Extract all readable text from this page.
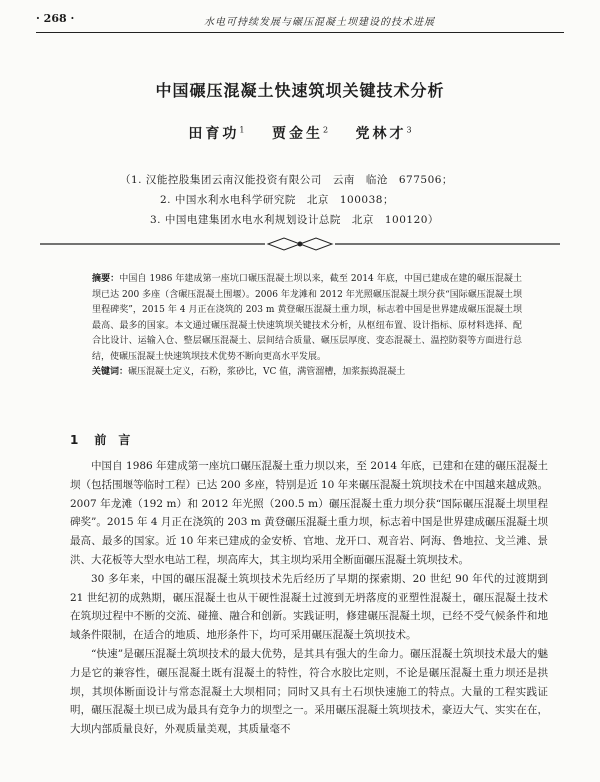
· 268 ·	水电可持续发展与碾压混凝土坝建设的技术进展
中国碾压混凝土快速筑坝关键技术分析
田育功$^1$ 贾金生$^2$ 党林才$^3$
（1. 汉能控股集团云南汉能投资有限公司　云南　临沧　677506；
2. 中国水利水电科学研究院　北京　100038；
3. 中国电建集团水电水利规划设计总院　北京　100120）
摘要：中国自 1986 年建成第一座坑口碾压混凝土坝以来，截至 2014 年底，中国已建成在建的碾压混凝土坝已达 200 多座（含碾压混凝土围堰）。2006 年龙滩和 2012 年光照碾压混凝土坝分获“国际碾压混凝土坝里程碑奖”，2015 年 4 月正在浇筑的 203 m 黄登碾压混凝土重力坝，标志着中国是世界建成碾压混凝土坝最高、最多的国家。本文通过碾压混凝土快速筑坝关键技术分析，从枢纽布置、设计指标、原材料选择、配合比设计、运输入仓、整层碾压混凝土、层间结合质量、碾压层厚度、变态混凝土、温控防裂等方面进行总结，使碾压混凝土快速筑坝技术优势不断向更高水平发展。
关键词：碾压混凝土定义，石粉，浆砂比，VC 值，满管溜槽，加浆振捣混凝土
1 前　言

中国自 1986 年建成第一座坑口碾压混凝土重力坝以来，至 2014 年底，已建和在建的碾压混凝土坝（包括围堰等临时工程）已达 200 多座，特别是近 10 年来碾压混凝土筑坝技术在中国越来越成熟。2007 年龙滩（192 m）和 2012 年光照（200.5 m）碾压混凝土重力坝分获“国际碾压混凝土坝里程碑奖”。2015 年 4 月正在浇筑的 203 m 黄登碾压混凝土重力坝，标志着中国是世界建成碾压混凝土坝最高、最多的国家。近 10 年来已建成的金安桥、官地、龙开口、观音岩、阿海、鲁地拉、戈兰滩、景洪、大花板等大型水电站工程，坝高库大，其主坝均采用全断面碾压混凝土筑坝技术。

30 多年来，中国的碾压混凝土筑坝技术先后经历了早期的探索期、20 世纪 90 年代的过渡期到 21 世纪初的成熟期，碾压混凝土也从干硬性混凝土过渡到无坍落度的亚塑性混凝土，碾压混凝土技术在筑坝过程中不断的交流、碰撞、融合和创新。实践证明，修建碾压混凝土坝，已经不受气候条件和地域条件限制，在适合的地质、地形条件下，均可采用碾压混凝土筑坝技术。

“快速”是碾压混凝土筑坝技术的最大优势，是其具有强大的生命力。碾压混凝土筑坝技术最大的魅力是它的兼容性，碾压混凝土既有混凝土的特性，符合水胶比定则，不论是碾压混凝土重力坝还是拱坝，其坝体断面设计与常态混凝土大坝相同；同时又具有土石坝快速施工的特点。大量的工程实践证明，碾压混凝土坝已成为最具有竞争力的坝型之一。采用碾压混凝土筑坝技术，豪迈大气、实实在在，大坝内部质量良好，外观质量美观，其质量毫不
